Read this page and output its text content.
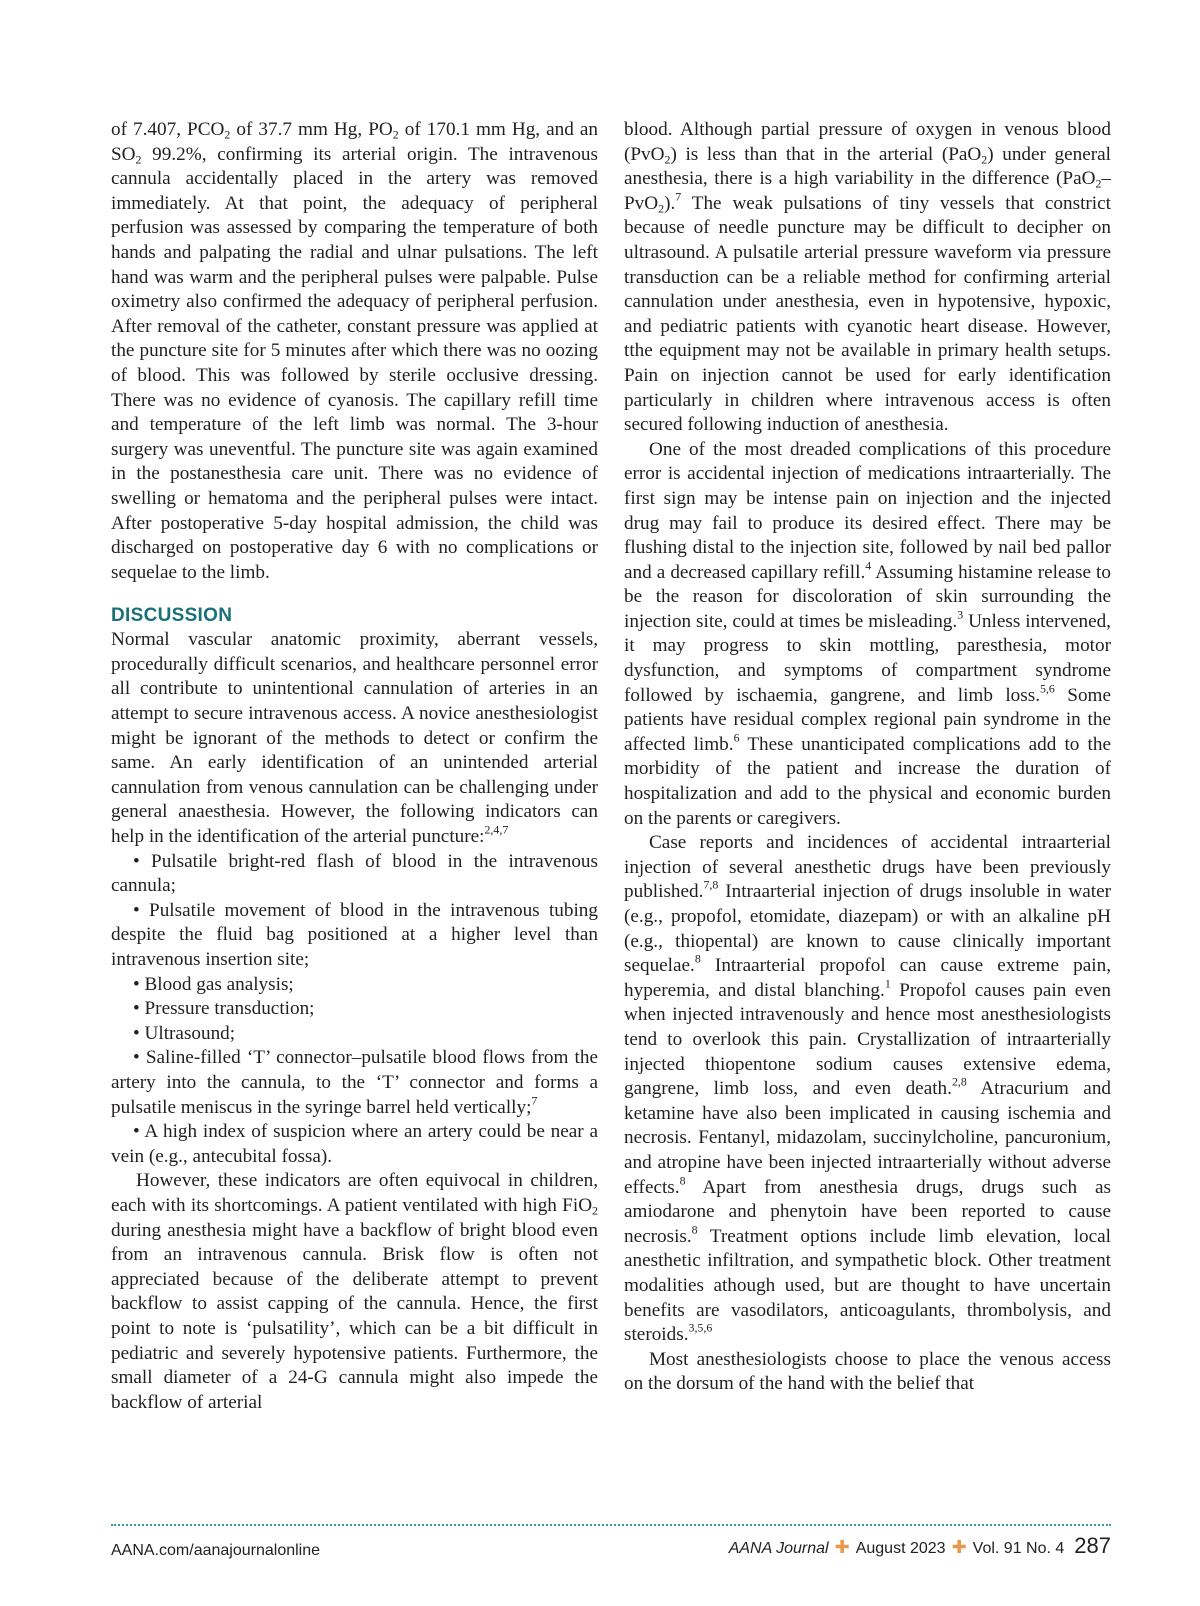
of 7.407, $PCO_2$ of 37.7 mm Hg, $PO_2$ of 170.1 mm Hg, and an $SO_2$ 99.2%, confirming its arterial origin. The intravenous cannula accidentally placed in the artery was removed immediately. At that point, the adequacy of peripheral perfusion was assessed by comparing the temperature of both hands and palpating the radial and ulnar pulsations. The left hand was warm and the peripheral pulses were palpable. Pulse oximetry also confirmed the adequacy of peripheral perfusion. After removal of the catheter, constant pressure was applied at the puncture site for 5 minutes after which there was no oozing of blood. This was followed by sterile occlusive dressing. There was no evidence of cyanosis. The capillary refill time and temperature of the left limb was normal. The 3-hour surgery was uneventful. The puncture site was again examined in the postanesthesia care unit. There was no evidence of swelling or hematoma and the peripheral pulses were intact. After postoperative 5-day hospital admission, the child was discharged on postoperative day 6 with no complications or sequelae to the limb.

DISCUSSION

Normal vascular anatomic proximity, aberrant vessels, procedurally difficult scenarios, and healthcare personnel error all contribute to unintentional cannulation of arteries in an attempt to secure intravenous access. A novice anesthesiologist might be ignorant of the methods to detect or confirm the same. An early identification of an unintended arterial cannulation from venous cannulation can be challenging under general anaesthesia. However, the following indicators can help in the identification of the arterial puncture:$^{2,4,7}$

• Pulsatile bright-red flash of blood in the intravenous cannula;

• Pulsatile movement of blood in the intravenous tubing despite the fluid bag positioned at a higher level than intravenous insertion site;

• Blood gas analysis;

• Pressure transduction;

• Ultrasound;

• Saline-filled ‘T’ connector–pulsatile blood flows from the artery into the cannula, to the ‘T’ connector and forms a pulsatile meniscus in the syringe barrel held vertically;$^7$

• A high index of suspicion where an artery could be near a vein (e.g., antecubital fossa).

However, these indicators are often equivocal in children, each with its shortcomings. A patient ventilated with high FiO$_2$ during anesthesia might have a backflow of bright blood even from an intravenous cannula. Brisk flow is often not appreciated because of the deliberate attempt to prevent backflow to assist capping of the cannula. Hence, the first point to note is ‘pulsatility’, which can be a bit difficult in pediatric and severely hypotensive patients. Furthermore, the small diameter of a 24-G cannula might also impede the backflow of arterial

blood. Although partial pressure of oxygen in venous blood (PvO$_2$) is less than that in the arterial (PaO$_2$) under general anesthesia, there is a high variability in the difference (PaO$_2$–PvO$_2$).$^7$ The weak pulsations of tiny vessels that constrict because of needle puncture may be difficult to decipher on ultrasound. A pulsatile arterial pressure waveform via pressure transduction can be a reliable method for confirming arterial cannulation under anesthesia, even in hypotensive, hypoxic, and pediatric patients with cyanotic heart disease. However, tthe equipment may not be available in primary health setups. Pain on injection cannot be used for early identification particularly in children where intravenous access is often secured following induction of anesthesia.

One of the most dreaded complications of this procedure error is accidental injection of medications intraarterially. The first sign may be intense pain on injection and the injected drug may fail to produce its desired effect. There may be flushing distal to the injection site, followed by nail bed pallor and a decreased capillary refill.$^4$ Assuming histamine release to be the reason for discoloration of skin surrounding the injection site, could at times be misleading.$^3$ Unless intervened, it may progress to skin mottling, paresthesia, motor dysfunction, and symptoms of compartment syndrome followed by ischaemia, gangrene, and limb loss.$^{5,6}$ Some patients have residual complex regional pain syndrome in the affected limb.$^6$ These unanticipated complications add to the morbidity of the patient and increase the duration of hospitalization and add to the physical and economic burden on the parents or caregivers.

Case reports and incidences of accidental intraarterial injection of several anesthetic drugs have been previously published.$^{7,8}$ Intraarterial injection of drugs insoluble in water (e.g., propofol, etomidate, diazepam) or with an alkaline pH (e.g., thiopental) are known to cause clinically important sequelae.$^8$ Intraarterial propofol can cause extreme pain, hyperemia, and distal blanching.$^1$ Propofol causes pain even when injected intravenously and hence most anesthesiologists tend to overlook this pain. Crystallization of intraarterially injected thiopentone sodium causes extensive edema, gangrene, limb loss, and even death.$^{2,8}$ Atracurium and ketamine have also been implicated in causing ischemia and necrosis. Fentanyl, midazolam, succinylcholine, pancuronium, and atropine have been injected intraarterially without adverse effects.$^8$ Apart from anesthesia drugs, drugs such as amiodarone and phenytoin have been reported to cause necrosis.$^8$ Treatment options include limb elevation, local anesthetic infiltration, and sympathetic block. Other treatment modalities athough used, but are thought to have uncertain benefits are vasodilators, anticoagulants, thrombolysis, and steroids.$^{3,5,6}$

Most anesthesiologists choose to place the venous access on the dorsum of the hand with the belief that

AANA.com/aanajournalonline	AANA Journal ✚ August 2023 ✚ Vol. 91 No. 4 287
